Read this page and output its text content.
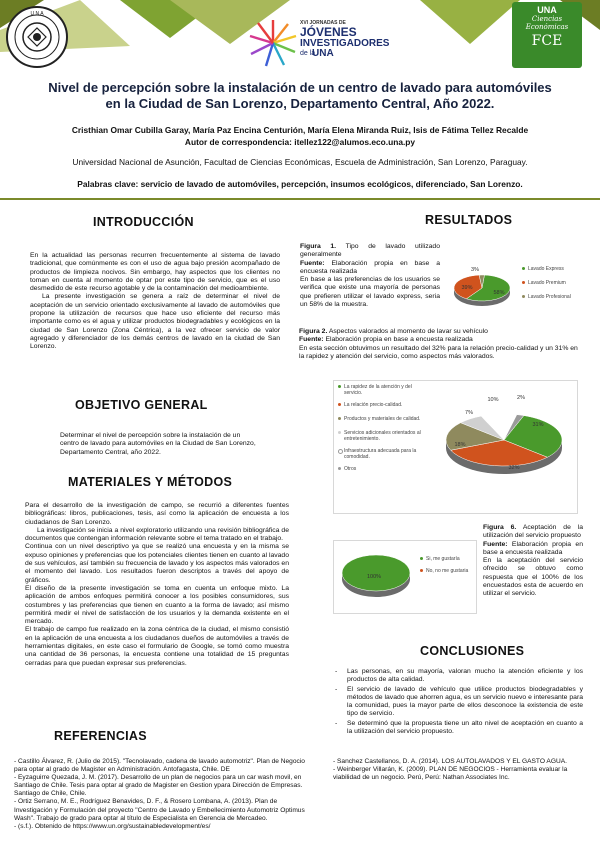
U N A
XVI JORNADAS DE
JÓVENES
INVESTIGADORES
de la
UNA
UNA
Ciencias
Económicas
FCE
Nivel de percepción sobre la instalación de un centro de lavado para automóviles
en la Ciudad de San Lorenzo, Departamento Central, Año 2022.
Cristhian Omar Cubilla Garay, María Paz Encina Centurión, María Elena Miranda Ruiz, Isis de Fátima Tellez Recalde
Autor de correspondencia: itellez122@alumos.eco.una.py
Universidad Nacional de Asunción, Facultad de Ciencias Económicas, Escuela de Administración, San Lorenzo, Paraguay.
Palabras clave: servicio de lavado de automóviles, percepción, insumos ecológicos, diferenciado, San Lorenzo.
INTRODUCCIÓN

En la actualidad las personas recurren frecuentemente al sistema de lavado tradicional, que comúnmente es con el uso de agua bajo presión acompañado de productos de limpieza nocivos. Sin embargo, hay aspectos que los clientes no toman en cuenta al momento de optar por este tipo de servicio, que es el uso desmedido de este recurso agotable y de la contaminación del medioambiente.

La presente investigación se genera a raíz de determinar el nivel de aceptación de un servicio orientado exclusivamente al lavado de automóviles que propone la utilización de recursos que hace uso eficiente del recurso más importante como es el agua y utilizar productos biodegradables y ecológicos en la ciudad de San Lorenzo (Zona Céntrica), a la vez ofrecer servicio de valor agregado y diferenciador de los demás centros de lavado en la ciudad de San Lorenzo.

OBJETIVO GENERAL
Determinar el nivel de percepción sobre la instalación de un centro de lavado para automóviles en la Ciudad de San Lorenzo, Departamento Central, año 2022.
MATERIALES Y MÉTODOS

Para el desarrollo de la investigación de campo, se recurrió a diferentes fuentes bibliográficas: libros, publicaciones, tesis, así como la aplicación de encuesta a los ciudadanos de San Lorenzo.

La investigación se inicia a nivel exploratorio utilizando una revisión bibliográfica de documentos que contengan información relevante sobre el tema tratado en el trabajo.

Continua con un nivel descriptivo ya que se realizó una encuesta y en la misma se expuso opiniones y preferencias que los potenciales clientes tienen en cuanto al lavado de sus vehículos, así también su frecuencia de lavado y los aspectos más valorados en el momento del lavado. Los resultados fueron descriptos a través del apoyo de gráficos.

El diseño de la presente investigación se toma en cuenta un enfoque mixto. La aplicación de ambos enfoques permitirá conocer a los posibles consumidores, sus costumbres y las preferencias que tienen en cuanto a la forma de lavado; así mismo permitirá medir el nivel de satisfacción de los usuarios y la demanda existente en el mercado.

El trabajo de campo fue realizado en la zona céntrica de la ciudad, el mismo consistió en la aplicación de una encuesta a los ciudadanos dueños de automóviles a través de herramientas digitales, en este caso el formulario de Google, se tomó como muestra una cantidad de 36 personas, la encuesta contiene una totalidad de 15 preguntas cerradas para que puedan expresar sus preferencias.

RESULTADOS
Figura 1. Tipo de lavado utilizado generalmente
Fuente: Elaboración propia en base a encuesta realizada
En base a las preferencias de los usuarios se verifica que existe una mayoría de personas que prefieren utilizar el lavado express, seria un 58% de la muestra.
58%
39%
3%	Lavado Express
Lavado Premium
Lavado Profesional
Figura 2. Aspectos valorados al momento de lavar su vehículo
Fuente: Elaboración propia en base a encuesta realizada
En esta sección obtuvimos un resultado del 32% para la relación precio-calidad y un 31% en la rapidez y atención del servicio, como aspectos más valorados.
La rapidez de la atención y del servicio.
La relación precio-calidad.
Productos y materiales de calidad.
Servicios adicionales orientados al entretenimiento.
Infraestructura adecuada para la comodidad.
Otros
31%
32%
18%
7%
10%	2%
100%
Si, me gustaría
No, no me gustaria
Figura 6. Aceptación de la utilización del servicio propuesto
Fuente: Elaboración propia en base a encuesta realizada
En la aceptación del servicio ofrecido se obtuvo como respuesta que el 100% de los encuestados esta de acuerdo en utilizar el servicio.
CONCLUSIONES
- Las personas, en su mayoría, valoran mucho la atención eficiente y los productos de alta calidad.
- El servicio de lavado de vehículo que utilice productos biodegradables y métodos de lavado que ahorren agua, es un servicio nuevo e interesante para la comunidad, pues la mayor parte de ellos desconoce la existencia de este tipo de servicio.
- Se determinó que la propuesta tiene un alto nivel de aceptación en cuanto a la utilización del servicio propuesto.
REFERENCIAS

- Castillo Álvarez, R. (Julio de 2015). "Tecnolavado, cadena de lavado automotriz". Plan de Negocio para optar al grado de Magister en Administración. Antofagasta, Chile. DE

- Eyzaguirre Quezada, J. M. (2017). Desarrollo de un plan de negocios para un car wash movil, en Santiago de Chile. Tesis para optar al grado de Magister en Gestion ypara Dirección de Empresas. Santiago de Chile, Chile.

- Ortiz Serrano, M. E., Rodríguez Benavides, D. F., & Rosero Lombana, A. (2013). Plan de Investigación y Formulación del proyecto "Centro de Lavado y Embellecimiento Automotriz Optimus Wash". Trabajo de grado para optar al título de Especialista en Gerencia de Mercadeo.

- (s.f.). Obtenido de https://www.un.org/sustainabledevelopment/es/

- Sanchez Castellanos, D. A. (2014). LOS AUTOLAVADOS Y EL GASTO AGUA.

- Weinberger Villarán, K. (2009). PLAN DE NEGOCIOS - Herramienta evaluar la viabilidad de un negocio. Perú, Perú: Nathan Associates Inc.
